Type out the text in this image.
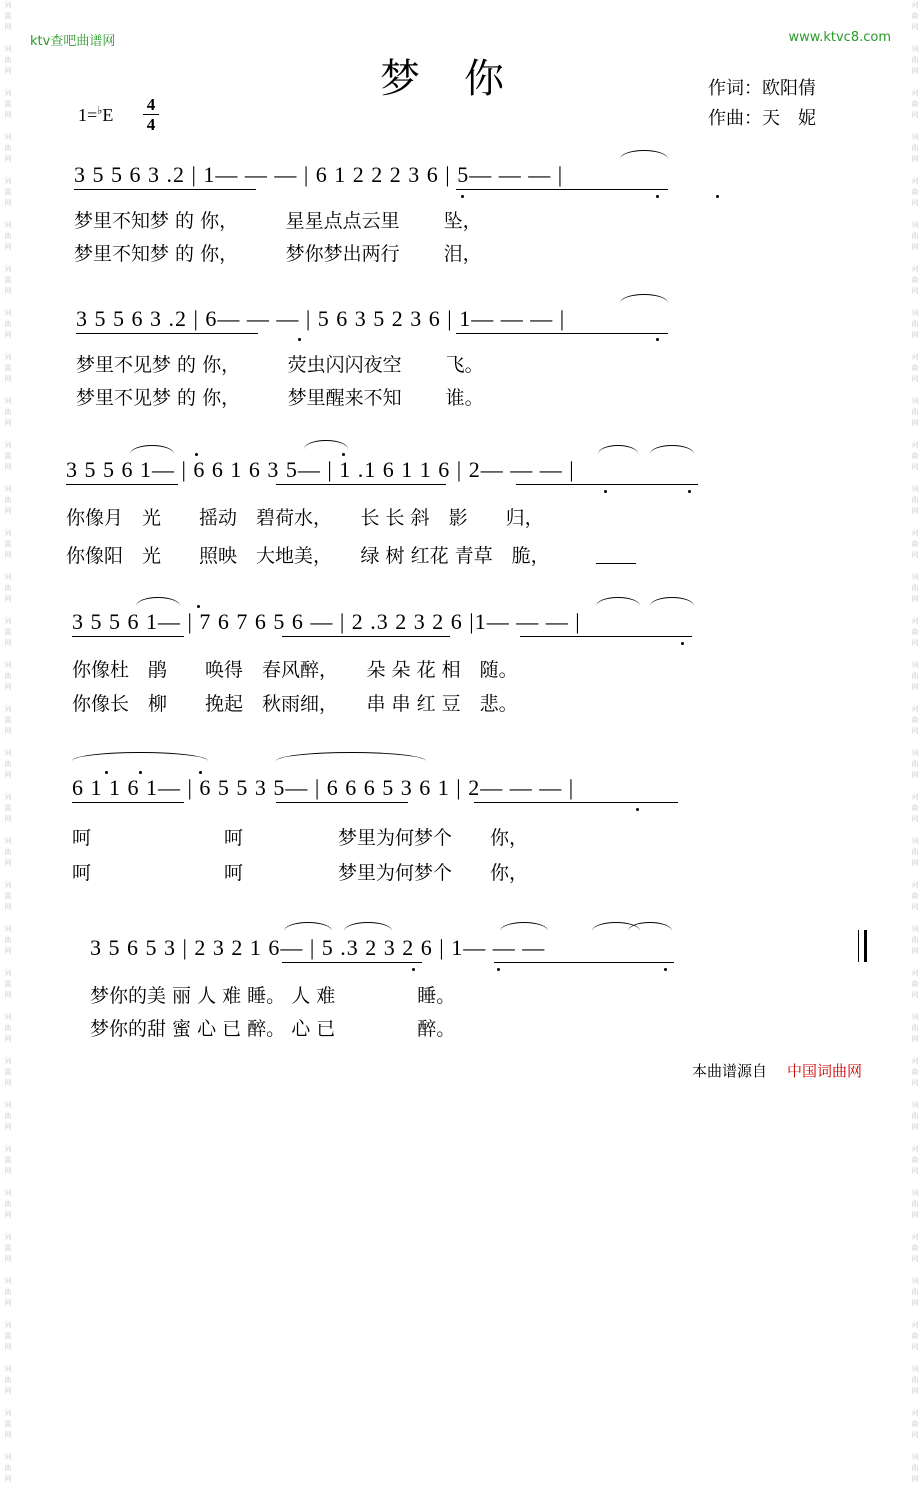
词
曲
网

词
曲
网

词
曲
网

词
曲
网

词
曲
网

词
曲
网

词
曲
网

词
曲
网

词
曲
网

词
曲
网

词
曲
网

词
曲
网

词
曲
网

词
曲
网

词
曲
网

词
曲
网

词
曲
网

词
曲
网

词
曲
网

词
曲
网

词
曲
网

词
曲
网

词
曲
网

词
曲
网

词
曲
网

词
曲
网

词
曲
网

词
曲
网

词
曲
网

词
曲
网

词
曲
网

词
曲
网

词
曲
网

词
曲
网
词
曲
网

词
曲
网

词
曲
网

词
曲
网

词
曲
网

词
曲
网

词
曲
网

词
曲
网

词
曲
网

词
曲
网

词
曲
网

词
曲
网

词
曲
网

词
曲
网

词
曲
网

词
曲
网

词
曲
网

词
曲
网

词
曲
网

词
曲
网

词
曲
网

词
曲
网

词
曲
网

词
曲
网

词
曲
网

词
曲
网

词
曲
网

词
曲
网

词
曲
网

词
曲
网

词
曲
网

词
曲
网

词
曲
网

词
曲
网
ktv查吧曲谱网	www.ktvc8.com
梦你
1=♭E
4
4
作词：欧阳倩
作曲：天　妮
3 5 5 6 3 .2 | 1— — — | 6 1 2 2 2 3 6 | 5— — — |
梦里不知梦 的 你，　　　星星点点云里　　 坠，
梦里不知梦 的 你，　　　梦你梦出两行　　 泪，
3 5 5 6 3 .2 | 6— — — | 5 6 3 5 2 3 6 | 1— — — |
梦里不见梦 的 你，　　　荧虫闪闪夜空　　 飞。
梦里不见梦 的 你，　　　梦里醒来不知　　 谁。
3 5 5 6 1— | 6 6 1 6 3 5— | 1 .1 6 1 1 6 | 2— — — |
你像月　光　　摇动　碧荷水，　　长 长 斜　影　　归，
你像阳　光　　照映　大地美，　　绿 树 红花 青草　脆，
3 5 5 6 1— | 7 6 7 6 5 6 — | 2 .3 2 3 2 6 |1— — — |
你像杜　鹃　　唤得　春风醉，　　朵 朵 花 相　随。
你像长　柳　　挽起　秋雨细，　　串 串 红 豆　悲。
6 1 1 6 1— | 6 5 5 3 5— | 6 6 6 5 3 6 1 | 2— — — |
呵　　　　　　　呵　　　　　梦里为何梦个　　你，
呵　　　　　　　呵　　　　　梦里为何梦个　　你，
3 5 6 5 3 | 2 3 2 1 6— | 5 .3 2 3 2 6 | 1— — —
梦你的美 丽 人 难 睡。 人 难　　　　 睡。
梦你的甜 蜜 心 已 醉。 心 已　　　　 醉。
本曲谱源自 中国词曲网
